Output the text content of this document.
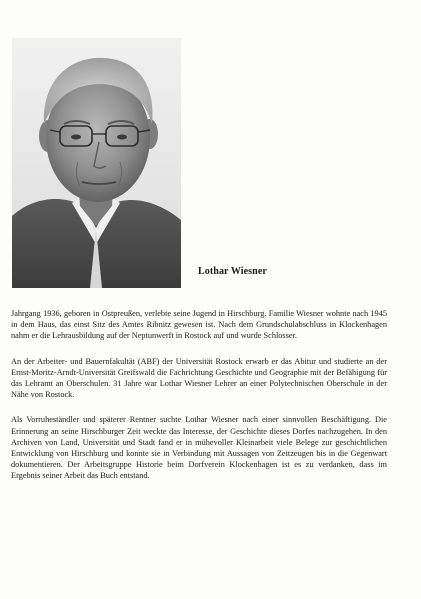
Lothar Wiesner

Jahrgang 1936, geboren in Ostpreußen, verlebte seine Jugend in Hirschburg. Familie Wiesner wohnte nach 1945 in dem Haus, das einst Sitz des Amtes Ribnitz gewesen ist. Nach dem Grundschulabschluss in Klockenhagen nahm er die Lehrausbildung auf der Neptunwerft in Rostock auf und wurde Schlosser.

An der Arbeiter- und Bauernfakultät (ABF) der Universität Rostock erwarb er das Abitur und studierte an der Ernst-Moritz-Arndt-Universität Greifswald die Fachrichtung Geschichte und Geographie mit der Befähigung für das Lehramt an Oberschulen. 31 Jahre war Lothar Wiesner Lehrer an einer Polytechnischen Oberschule in der Nähe von Rostock.

Als Vorruheständler und späterer Rentner suchte Lothar Wiesner nach einer sinnvollen Beschäftigung. Die Erinnerung an seine Hirschburger Zeit weckte das Interesse, der Geschichte dieses Dorfes nachzugehen. In den Archiven von Land, Universität und Stadt fand er in mühevoller Kleinarbeit viele Belege zur geschichtlichen Entwicklung von Hirschburg und konnte sie in Verbindung mit Aussagen von Zeitzeugen bis in die Gegenwart dokumentieren. Der Arbeitsgruppe Historie beim Dorfverein Klockenhagen ist es zu verdanken, dass im Ergebnis seiner Arbeit das Buch entstand.
